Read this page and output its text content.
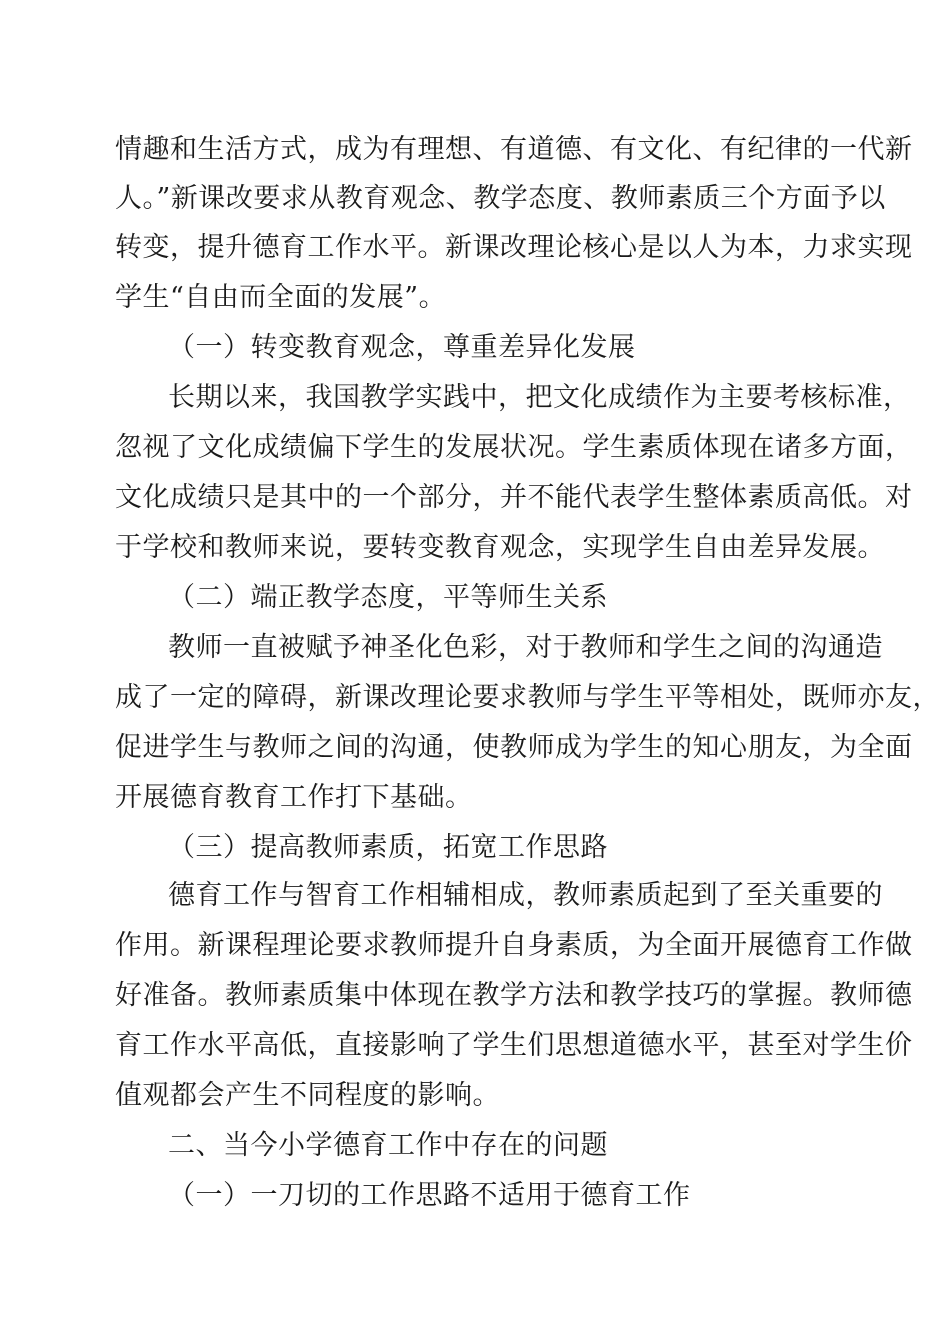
情趣和生活方式，成为有理想、有道德、有文化、有纪律的一代新
人。”新课改要求从教育观念、教学态度、教师素质三个方面予以
转变，提升德育工作水平。新课改理论核心是以人为本，力求实现
学生“自由而全面的发展”。
（一）转变教育观念，尊重差异化发展
长期以来，我国教学实践中，把文化成绩作为主要考核标准，
忽视了文化成绩偏下学生的发展状况。学生素质体现在诸多方面，
文化成绩只是其中的一个部分，并不能代表学生整体素质高低。对
于学校和教师来说，要转变教育观念，实现学生自由差异发展。
（二）端正教学态度，平等师生关系
教师一直被赋予神圣化色彩，对于教师和学生之间的沟通造
成了一定的障碍，新课改理论要求教师与学生平等相处，既师亦友，
促进学生与教师之间的沟通，使教师成为学生的知心朋友，为全面
开展德育教育工作打下基础。
（三）提高教师素质，拓宽工作思路
德育工作与智育工作相辅相成，教师素质起到了至关重要的
作用。新课程理论要求教师提升自身素质，为全面开展德育工作做
好准备。教师素质集中体现在教学方法和教学技巧的掌握。教师德
育工作水平高低，直接影响了学生们思想道德水平，甚至对学生价
值观都会产生不同程度的影响。
二、当今小学德育工作中存在的问题
（一）一刀切的工作思路不适用于德育工作
